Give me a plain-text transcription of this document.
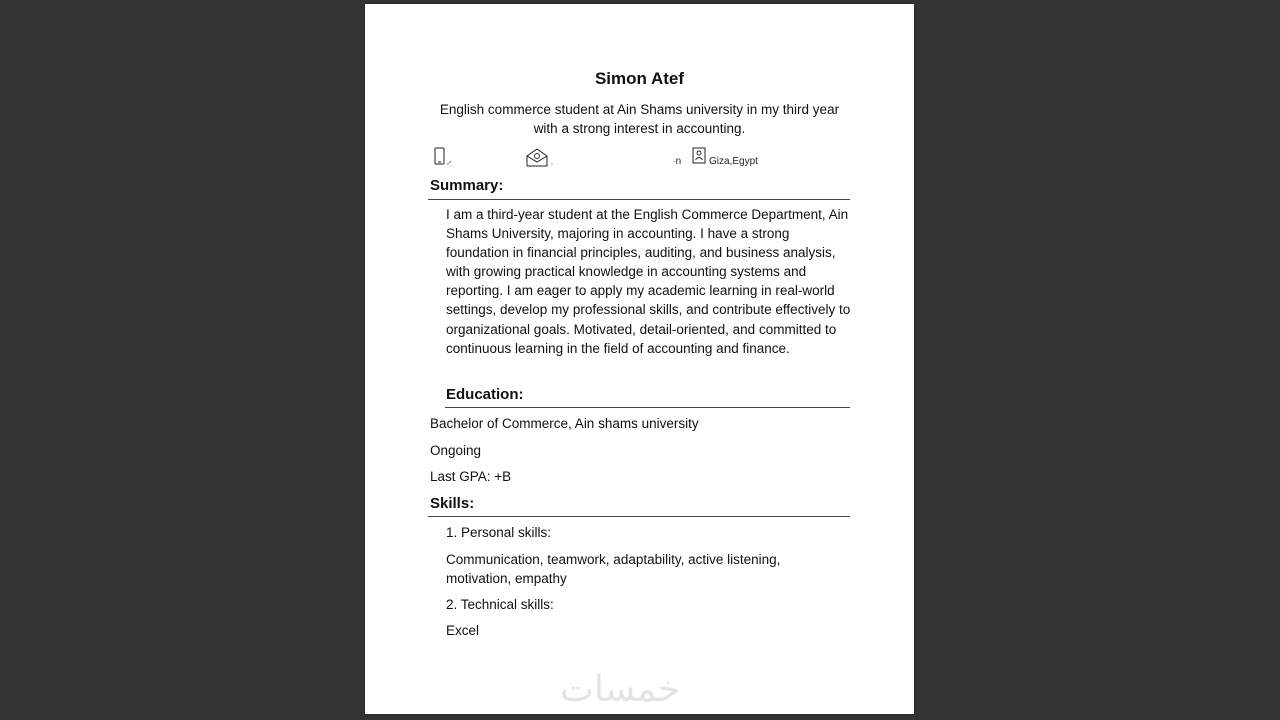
Simon Atef
English commerce student at Ain Shams university in my third year with a strong interest in accounting.
-n	Giza,Egypt
Summary:
I am a third-year student at the English Commerce Department, Ain Shams University, majoring in accounting. I have a strong foundation in financial principles, auditing, and business analysis, with growing practical knowledge in accounting systems and reporting. I am eager to apply my academic learning in real-world settings, develop my professional skills, and contribute effectively to organizational goals. Motivated, detail-oriented, and committed to continuous learning in the field of accounting and finance.
Education:
Bachelor of Commerce, Ain shams university
Ongoing
Last GPA: +B
Skills:
1. Personal skills:
Communication, teamwork, adaptability, active listening, motivation, empathy
2. Technical skills:
Excel
خمسات
